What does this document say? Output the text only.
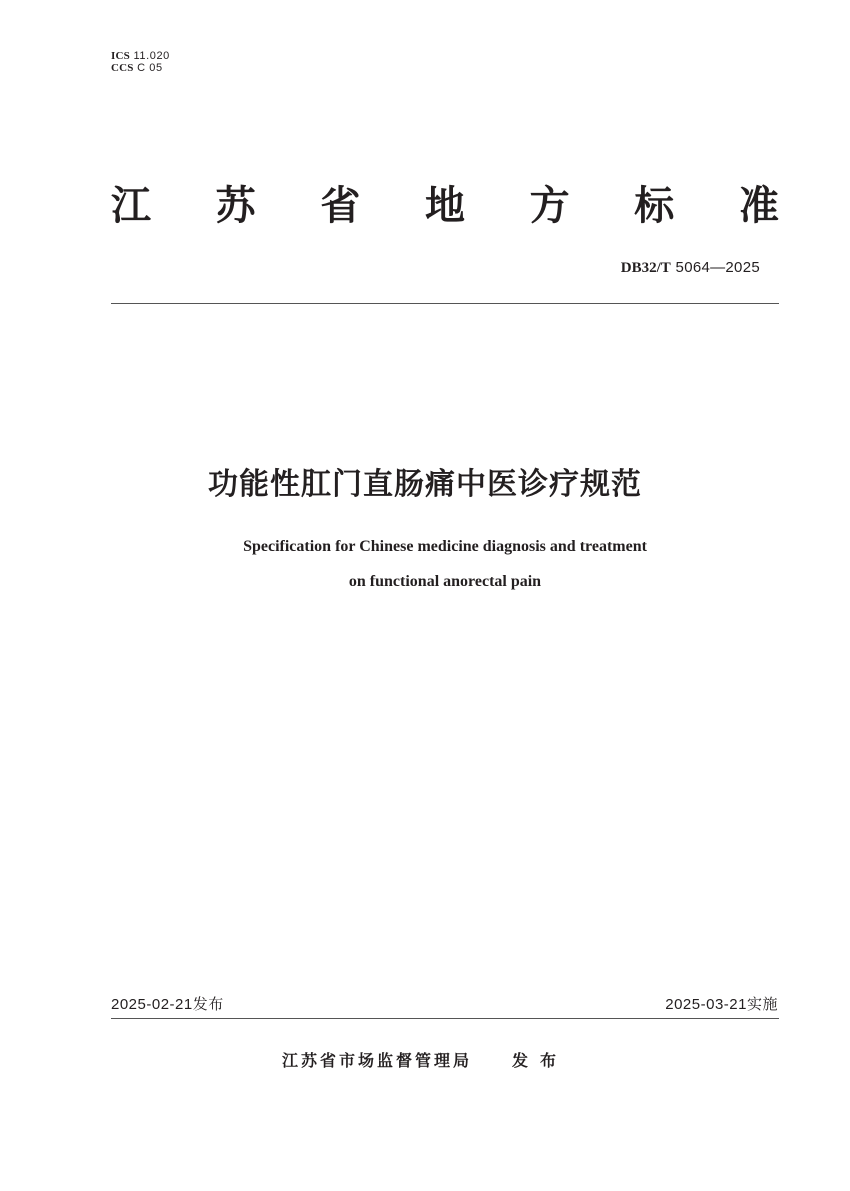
ICS 11.020
CCS C 05
江 苏 省 地 方 标 准
DB32/T 5064—2025
功能性肛门直肠痛中医诊疗规范
Specification for Chinese medicine diagnosis and treatment
on functional anorectal pain
2025-02-21发布	2025-03-21实施
江苏省市场监督管理局	发布
